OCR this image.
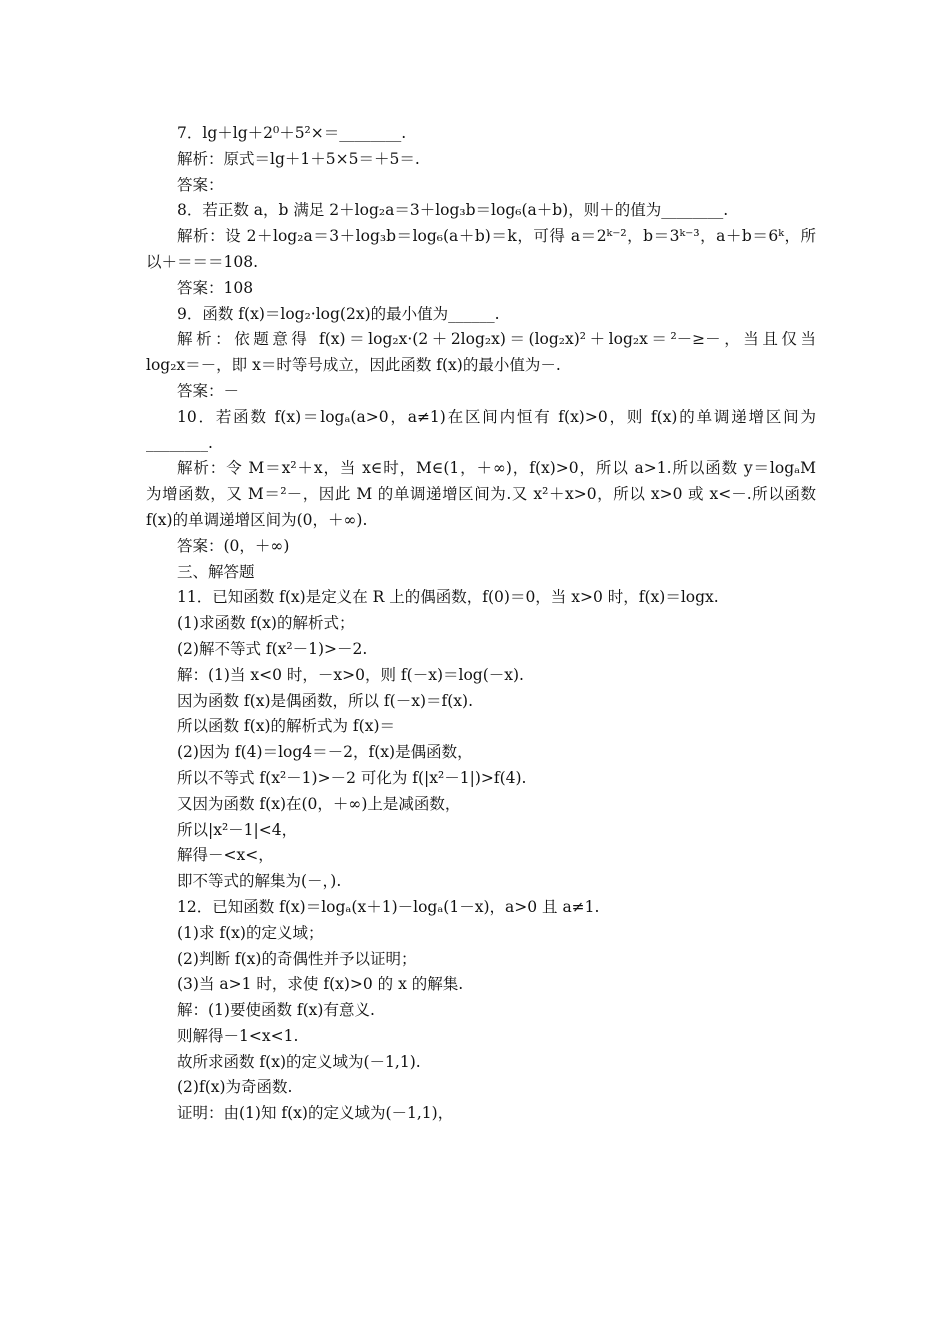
7．lg＋lg＋2⁰＋5²×＝________.
解析：原式＝lg＋1＋5×5＝＋5＝.
答案：
8．若正数 a，b 满足 2＋log₂a＝3＋log₃b＝log₆(a＋b)，则＋的值为________.
解析：设 2＋log₂a＝3＋log₃b＝log₆(a＋b)＝k，可得 a＝2ᵏ⁻²，b＝3ᵏ⁻³，a＋b＝6ᵏ，所
以＋＝＝＝108.
答案：108
9．函数 f(x)＝log₂·log(2x)的最小值为______.
解析：依题意得 f(x)＝log₂x·(2＋2log₂x)＝(log₂x)²＋log₂x＝²－≥－，当且仅当
log₂x＝－，即 x＝时等号成立，因此函数 f(x)的最小值为－.
答案：－
10．若函数 f(x)＝logₐ(a>0，a≠1)在区间内恒有 f(x)>0，则 f(x)的单调递增区间为
________.
解析：令 M＝x²＋x，当 x∈时，M∈(1，＋∞)，f(x)>0，所以 a>1.所以函数 y＝logₐM
为增函数，又 M＝²－，因此 M 的单调递增区间为.又 x²＋x>0，所以 x>0 或 x<－.所以函数
f(x)的单调递增区间为(0，＋∞).
答案：(0，＋∞)
三、解答题
11．已知函数 f(x)是定义在 R 上的偶函数，f(0)＝0，当 x>0 时，f(x)＝logx.
(1)求函数 f(x)的解析式；
(2)解不等式 f(x²－1)>－2.
解：(1)当 x<0 时，－x>0，则 f(－x)＝log(－x).
因为函数 f(x)是偶函数，所以 f(－x)＝f(x).
所以函数 f(x)的解析式为 f(x)＝
(2)因为 f(4)＝log4＝－2，f(x)是偶函数，
所以不等式 f(x²－1)>－2 可化为 f(|x²－1|)>f(4).
又因为函数 f(x)在(0，＋∞)上是减函数，
所以|x²－1|<4，
解得－<x<，
即不等式的解集为(－，).
12．已知函数 f(x)＝logₐ(x＋1)－logₐ(1－x)，a>0 且 a≠1.
(1)求 f(x)的定义域；
(2)判断 f(x)的奇偶性并予以证明；
(3)当 a>1 时，求使 f(x)>0 的 x 的解集.
解：(1)要使函数 f(x)有意义.
则解得－1<x<1.
故所求函数 f(x)的定义域为(－1,1).
(2)f(x)为奇函数.
证明：由(1)知 f(x)的定义域为(－1,1)，
